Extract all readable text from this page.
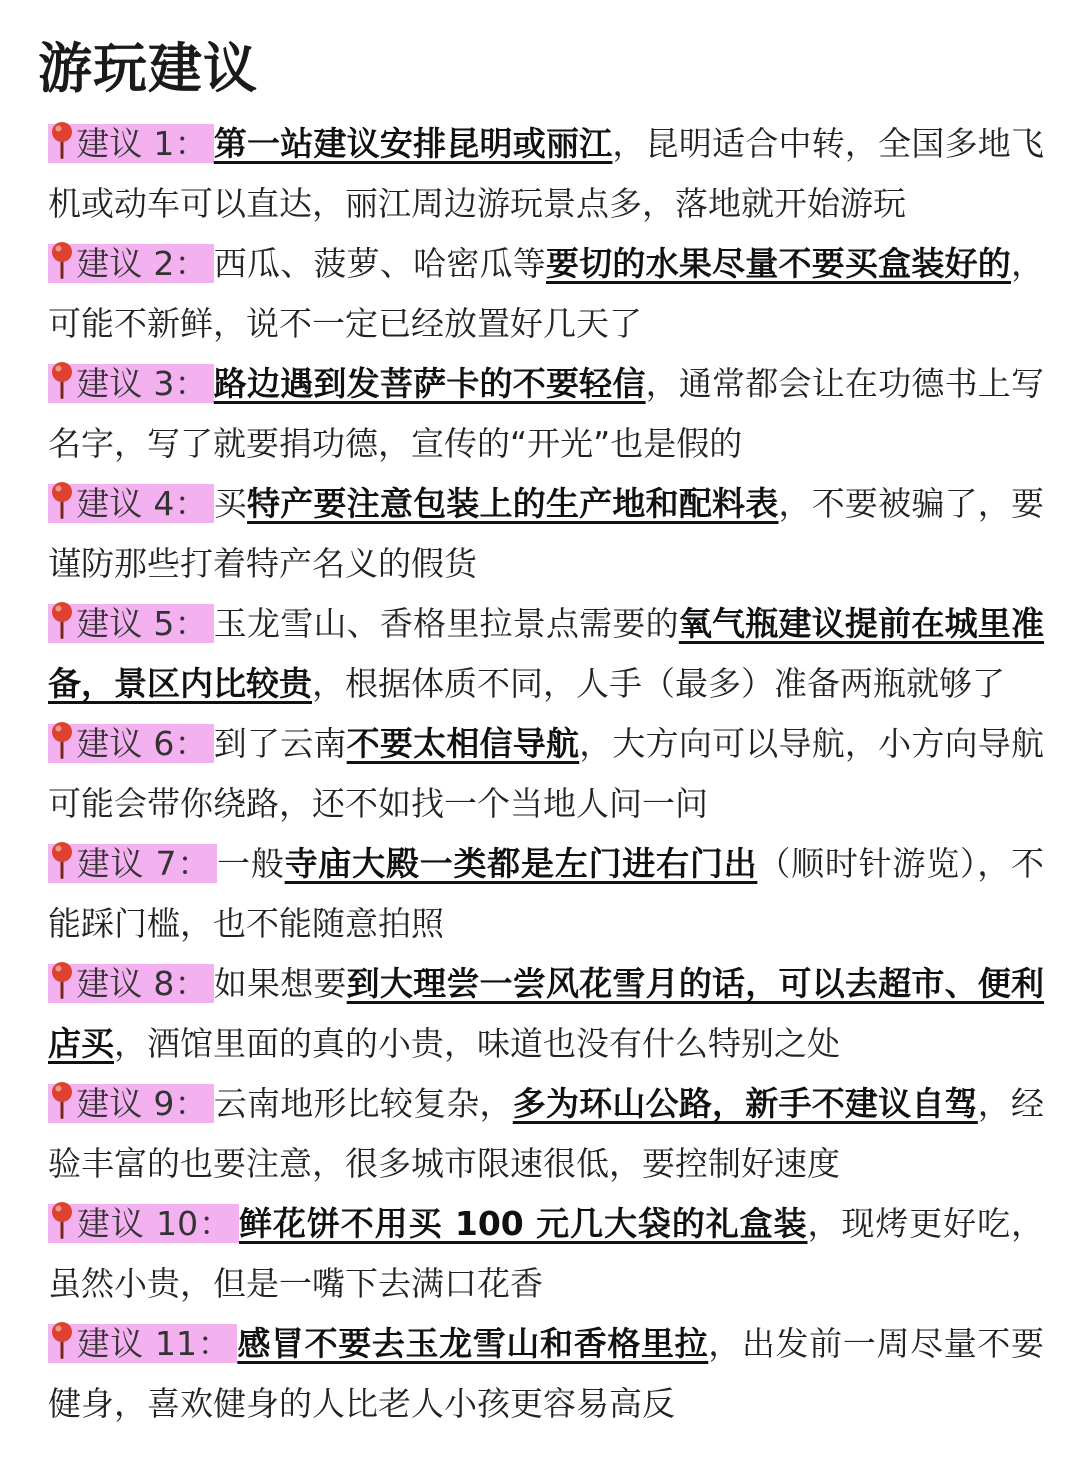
游玩建议

建议 1： 第一站建议安排昆明或丽江，昆明适合中转，全国多地飞机或动车可以直达，丽江周边游玩景点多，落地就开始游玩

建议 2： 西瓜、菠萝、哈密瓜等要切的水果尽量不要买盒装好的，可能不新鲜，说不一定已经放置好几天了

建议 3： 路边遇到发菩萨卡的不要轻信，通常都会让在功德书上写名字，写了就要捐功德，宣传的“开光”也是假的

建议 4： 买特产要注意包装上的生产地和配料表，不要被骗了，要谨防那些打着特产名义的假货

建议 5： 玉龙雪山、香格里拉景点需要的氧气瓶建议提前在城里准备，景区内比较贵，根据体质不同，人手（最多）准备两瓶就够了

建议 6： 到了云南不要太相信导航，大方向可以导航，小方向导航可能会带你绕路，还不如找一个当地人问一问

建议 7： 一般寺庙大殿一类都是左门进右门出（顺时针游览），不能踩门槛，也不能随意拍照

建议 8： 如果想要到大理尝一尝风花雪月的话，可以去超市、便利店买，酒馆里面的真的小贵，味道也没有什么特别之处

建议 9： 云南地形比较复杂，多为环山公路，新手不建议自驾，经验丰富的也要注意，很多城市限速很低，要控制好速度

建议 10： 鲜花饼不用买 100 元几大袋的礼盒装，现烤更好吃，虽然小贵，但是一嘴下去满口花香

建议 11： 感冒不要去玉龙雪山和香格里拉，出发前一周尽量不要健身，喜欢健身的人比老人小孩更容易高反
